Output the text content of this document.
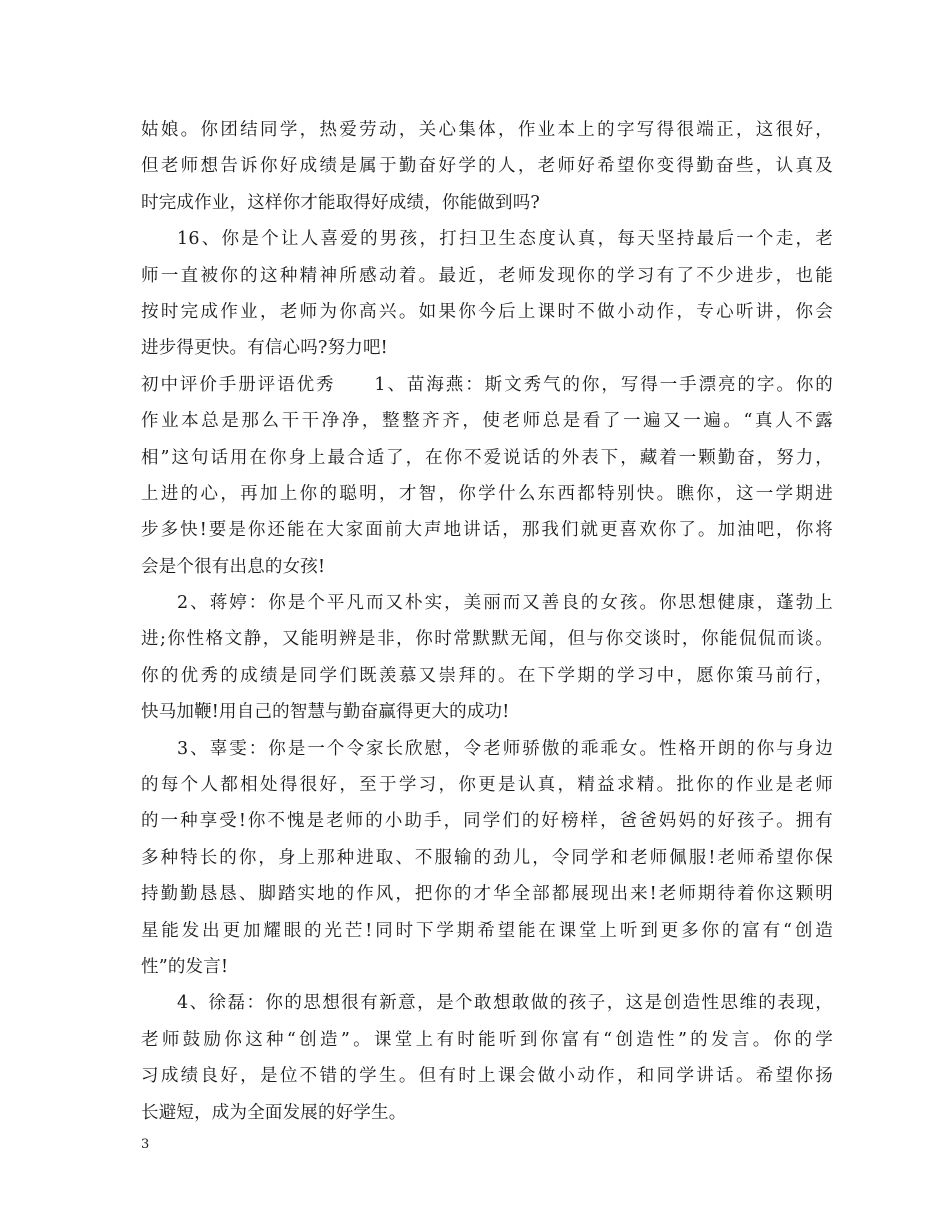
姑娘。你团结同学，热爱劳动，关心集体，作业本上的字写得很端正，这很好，
但老师想告诉你好成绩是属于勤奋好学的人，老师好希望你变得勤奋些，认真及
时完成作业，这样你才能取得好成绩，你能做到吗?
16、你是个让人喜爱的男孩，打扫卫生态度认真，每天坚持最后一个走，老
师一直被你的这种精神所感动着。最近，老师发现你的学习有了不少进步，也能
按时完成作业，老师为你高兴。如果你今后上课时不做小动作，专心听讲，你会
进步得更快。有信心吗?努力吧!
初中评价手册评语优秀　　1、苗海燕：斯文秀气的你，写得一手漂亮的字。你的
作业本总是那么干干净净，整整齐齐，使老师总是看了一遍又一遍。“真人不露
相”这句话用在你身上最合适了，在你不爱说话的外表下，藏着一颗勤奋，努力，
上进的心，再加上你的聪明，才智，你学什么东西都特别快。瞧你，这一学期进
步多快!要是你还能在大家面前大声地讲话，那我们就更喜欢你了。加油吧，你将
会是个很有出息的女孩!
2、蒋婷：你是个平凡而又朴实，美丽而又善良的女孩。你思想健康，蓬勃上
进;你性格文静，又能明辨是非，你时常默默无闻，但与你交谈时，你能侃侃而谈。
你的优秀的成绩是同学们既羡慕又崇拜的。在下学期的学习中，愿你策马前行，
快马加鞭!用自己的智慧与勤奋赢得更大的成功!
3、辜雯：你是一个令家长欣慰，令老师骄傲的乖乖女。性格开朗的你与身边
的每个人都相处得很好，至于学习，你更是认真，精益求精。批你的作业是老师
的一种享受!你不愧是老师的小助手，同学们的好榜样，爸爸妈妈的好孩子。拥有
多种特长的你，身上那种进取、不服输的劲儿，令同学和老师佩服!老师希望你保
持勤勤恳恳、脚踏实地的作风，把你的才华全部都展现出来!老师期待着你这颗明
星能发出更加耀眼的光芒!同时下学期希望能在课堂上听到更多你的富有“创造
性”的发言!
4、徐磊：你的思想很有新意，是个敢想敢做的孩子，这是创造性思维的表现，
老师鼓励你这种“创造”。课堂上有时能听到你富有“创造性”的发言。你的学
习成绩良好，是位不错的学生。但有时上课会做小动作，和同学讲话。希望你扬
长避短，成为全面发展的好学生。
3
